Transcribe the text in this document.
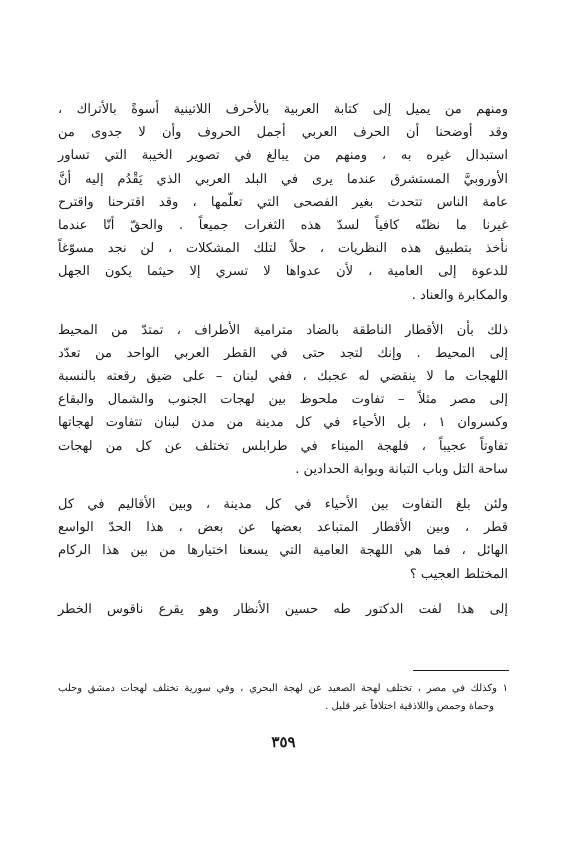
ومنهم من يميل إلى كتابة العربية بالأحرف اللاتينية أسوةً بالأتراك ،
وقد أوضحنا أن الحرف العربي أجمل الحروف وأن لا جدوى من
استبدال غيره به ، ومنهم من يبالغ في تصوير الخيبة التي تساور
الأوروبيَّ المستشرق عندما يرى في البلد العربي الذي يَقْدُم إليه أنَّ
عامة الناس تتحدث بغير الفصحى التي تعلّمها ، وقد اقترحنا واقترح
غيرنا ما نظنّه كافياً لسدّ هذه الثغرات جميعاً . والحقّ أنّا عندما
نأخذ بتطبيق هذه النظريات ، حلاً لتلك المشكلات ، لن نجد مسوّغاً
للدعوة إلى العامية ، لأن عدواها لا تسري إلا حيثما يكون الجهل
والمكابرة والعناد .
ذلك بأن الأقطار الناطقة بالضاد مترامية الأطراف ، تمتدّ من المحيط
إلى المحيط . وإنك لتجد حتى في القطر العربي الواحد من تعدّد
اللهجات ما لا ينقضي له عجبك ، ففي لبنان – على ضيق رقعته بالنسبة
إلى مصر مثلاً – تفاوت ملحوظ بين لهجات الجنوب والشمال والبقاع
وكسروان ١ ، بل الأحياء في كل مدينة من مدن لبنان تتفاوت لهجاتها
تفاوتاً عجيباً ، فلهجة الميناء في طرابلس تختلف عن كل من لهجات
ساحة التل وباب التبانة وبوابة الحدادين .
ولئن بلغ التفاوت بين الأحياء في كل مدينة ، وبين الأقاليم في كل
قطر ، وبين الأقطار المتباعد بعضها عن بعض ، هذا الحدّ الواسع
الهائل ، فما هي اللهجة العامية التي يسعنا اختيارها من بين هذا الركام
المختلط العجيب ؟
إلى هذا لفت الدكتور طه حسين الأنظار وهو يقرع ناقوس الخطر
١ وكذلك في مصر ، تختلف لهجة الصعيد عن لهجة البحري ، وفي سورية تختلف لهجات دمشق وحلب
وحماة وحمص واللاذقية اختلافاً غير قليل .
٣٥٩
